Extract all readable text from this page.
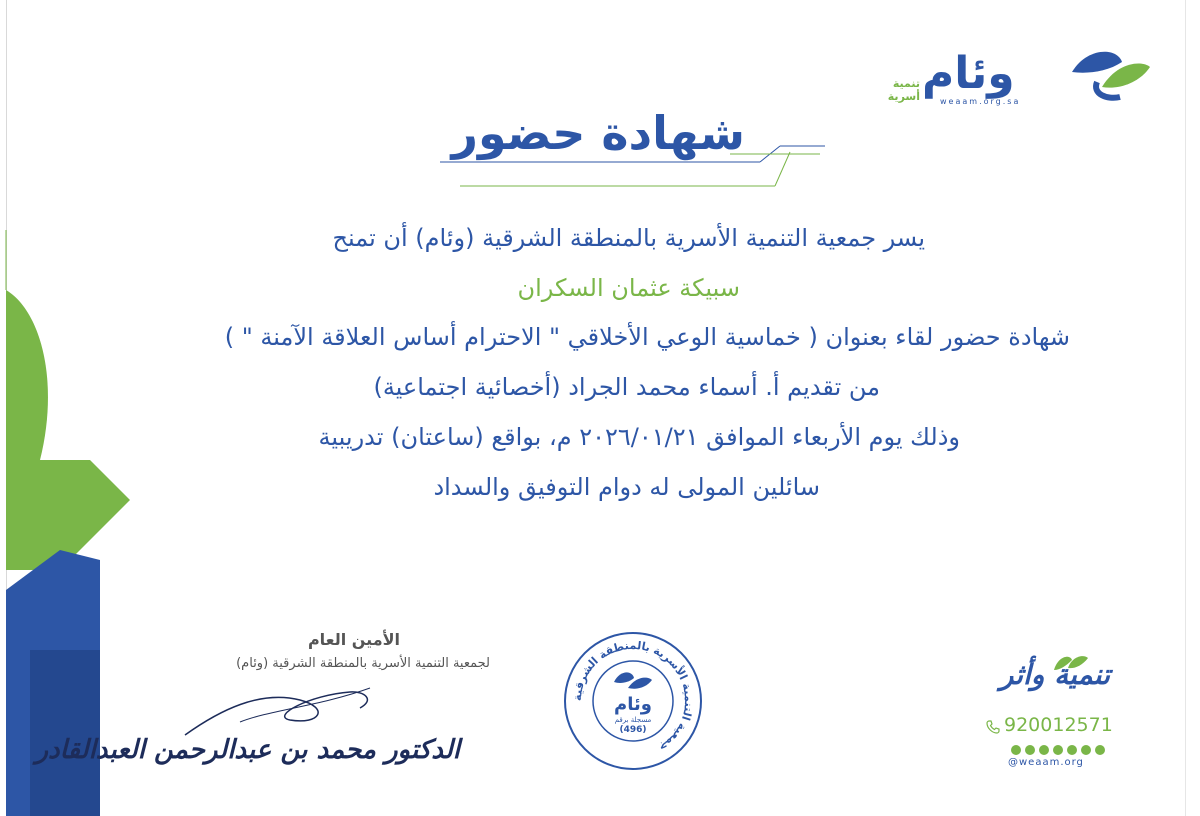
تنمية
أسرية وئام
weaam.org.sa
شهادة حضور
يسر جمعية التنمية الأسرية بالمنطقة الشرقية (وئام) أن تمنح
سبيكة عثمان السكران
شهادة حضور لقاء بعنوان ( خماسية الوعي الأخلاقي " الاحترام أساس العلاقة الآمنة " )
من تقديم أ. أسماء محمد الجراد (أخصائية اجتماعية)
وذلك يوم الأربعاء الموافق ٢٠٢٦/٠١/٢١ م، بواقع (ساعتان) تدريبية
سائلين المولى له دوام التوفيق والسداد
الأمين العام
لجمعية التنمية الأسرية بالمنطقة الشرقية (وئام)
الدكتور محمد بن عبدالرحمن العبدالقادر
جمعية التنمية الأسرية بالمنطقة الشرقية
وئام
مسجلة برقم
(496)
تنمية وأثر
920012571
@weaam.org
